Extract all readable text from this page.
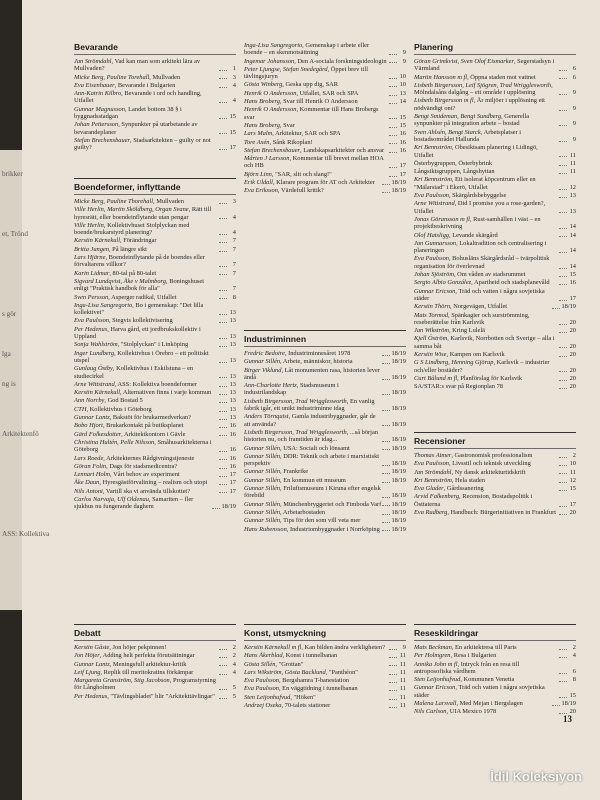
brikker
et, Trönd
s gör
lga
ng is
Arkitektenfö
ASS: Kollektiva
Bevarande
Jan Strömdahl, Vad kan man som arkitekt lära av Mullvaden?	1
Micke Berg, Pauline Torehall, Mullvaden	3
Eva Eisenhauer, Bevarande i Bulgarien	4
Ann-Katrin Kilbro, Bevarande i ord och handling, Utfallet	4
Gunnar Magnusson, Landet bottom 38 § i byggnadsstadgan	15
Johan Pettersson, Synpunkter på utarbetande av bevarandeplaner	15
Stefan Brechensbauer, Stadsarkitekten – guilty or not guilty?	17
Boendeformer, inflyttande
Micke Berg, Pauline Thorehall, Mullvaden	3
Ville Herlin, Martin Sköldberg, Organ Svane, Rätt till hyresrätt, eller boendeinflytande utan pengar	4
Ville Herlin, Kollektivhuset Stolplyckan med boende/brukarstyrd planering?	4
Kerstin Kärnekull, Förändringar	7
Britta Jungen, På längre sikt	7
Lars Hjärne, Boendeinflytande på de boendes eller förvaltarens villkor?	7
Karin Lidmar, 80-tal på 80-talet	7
Sigvard Lundqvist, Åke v Malmborg, Boningshuset enligt "Praktisk handbok för alla"	7
Sven Persson, Asperger radikal, Utfallet	8
Inga-Lisa Sangregorio, Bo i gemenskap: "Det lilla kollektivet"	13
Eva Paulsson, Stegvis kollektivisering	13
Per Hedenus, Harva gård, ett jordbrukskollektiv i Uppland	13
Sonja Wahlström, "Stolplyckan" i Linköping	13
Inger Lundberg, Kollektivhus i Örebro – ett politiskt utspel	13
Gunlaug Östby, Kollektivhus i Eskilstuna – en studiecirkel	13
Arne Wittstrand, ASS: Kollektiva boendeformer	13
Kerstin Kärnekull, Alternativen finns i varje kommun	13
Ann Norrby, God Bostad 5	13
CTH, Kollektivhus i Göteborg	13
Gunnar Lantz, Bakstöt för brukarmedverkan?	13
Bobo Hjort, Brukarkontakt på butiksplanet	16
Gärd Folkesdotter, Arkitektkontorn i Gävle	16
Christina Hultén, Pelle Nilsson, Småhusarkitekterna i Göteborg	16
Lars Roede, Arkitekternes Rådgivningstjeneste	16
Göran Folin, Dags för stadsmedicentra?	16
Lennart Holm, Vårt behov av experiment	17
Åke Daun, Hyresgästförvaltning – realism och utopi	17
Nils Antoni, Vartill ska vi använda tillskottet?	17
Carlos Narvaja, Ulf Oldenau, Samariten – fler sjukhus nu fungerande daghem	18/19
Debatt
Kerstin Gåste, Jon höjer pekpinnen!	2
Jon Höjer, Adding helt perfekta förutsättningar	2
Gunnar Lantz, Meningsfull arkitektur-kritik	4
Leif Ljung, Replik till meritokratins förkämpar	4
Margareta Granström, Stig Jacobson, Programstyrning för Långholmen	5
Per Hedenus, "Tävlingsbladet" blir "Arkitekttävlingar"	5
Inga-Lisa Sangregorio, Gemenskap i arbete eller boende – en skenmotsättning	9
Ingemar Johansson, Den A-sociala forskningsideologin	9
Peter Ljungse, Stefan Snedegård, Öppet brev till tävlingsjuryn	10
Gösta Winberg, Geska upp dig, SAR	10
Henrik O Andersson, Utfallet, SAR och SPA	13
Hans Broberg, Svar till Henrik O Andersson	14
Henrik O Andersson, Kommentar till Hans Brobergs svar	15
Hans Broberg, Svar	15
Lars Malm, Arkitektur, SAR och SPA	16
Tore Axén, Sånk Rikoplan!	16
Stefan Brechensbauer, Landskapsarkitekter och ansvar	16
Mårten J Larsson, Kommentar till brevet mellan HOA och HB	17
Björn Linn, "SAR, slit och slang!"	17
Erik Uldall, Klarare program för AT och Arkitekter	18/19
Eva Eriksson, Värdefull kritik?	18/19
Industriminnen
Fredric Bedoire, Industriminnesåret 1978	18/19
Gunnar Sillén, Arbete, människor, historia	18/19
Birger Viklund, Låt monumenten rasa, historien lever ändå	18/19
Ann-Charlotte Hertz, Stadsmuseum i industrilandskap	18/19
Lisbeth Birgersson, Trad Wrigglesworth, En vanlig fabrik igår, ett unikt industriminne idag	18/19
Anders Törnquist, Gamla industribyggnader, går de att använda?	18/19
Lisbeth Birgersson, Trad Wrigglesworth, ...så början historien nu, och framtiden är idag...	18/19
Gunnar Sillén, USA: Socialt och lönsamt	18/19
Gunnar Sillén, DDR: Teknik och arbete i marxistiskt perspektiv	18/19
Gunnar Sillén, Frankrike	18/19
Gunnar Sillén, En kommun ett museum	18/19
Gunnar Sillén, Friluftsmuseum i Kiruna efter engelsk förebild	18/19
Gunnar Sillén, Münchenbryggeriet och Fimboda Varf 18/19
Gunnar Sillén, Arbetarbostaden	18/19
Gunnar Sillén, Tips för den som vill veta mer	18/19
Hans Rubensson, Industriombyggnader i Norrköping 18/19
Konst, utsmyckning
Kerstin Kärnekull m fl, Kan bilden ändra verkligheten?	9
Hans Åkerblad, Konst i tunnelbanan	11
Gösta Sillén, "Grottan"	11
Lars Wikström, Gösta Backlund, "Panthéon"	11
Eva Paulsson, Bergshamra T-banestation	11
Eva Paulsson, En väggtidning i tunnelbanan	11
Sten Leijonhufvud, "Höken"	11
Andrzej Oseka, 70-talets stationer	11
Planering
Göran Grimkvist, Sven Olof Eismarker, Segerstadsyn i Värmland	6
Martin Hansson m fl, Öppna staden mot vattnet	6
Lisbeth Birgersson, Leif Sjögren, Trad Wrigglesworth, Mölndalsåns dalgång – ett område i upplösning	9
Lisbeth Birgersson m fl, Är miljöer i upplösning ett nödvändigt ont?	9
Bengt Smideman, Bengt Sundberg, Generella synpunkter på integration arbete – bostad	9
Sven Ahlsén, Bengt Starck, Arbetsplatser i bostadsområdet Hallunda	9
Kri Bennström, Obesiktsam planering i Lidingö, Utfallet	11
Österbygruppen, Österbybrink	11
Långsiktsgruppen, Långshyttan	11
Kri Bennström, Ett isolerat köpcentrum eller en "Mälarstad" i Ekerö, Utfallet	12
Eva Paulsson, Skärgårdsbebyggelse	13
Arne Wittstrand, Did I promise you a rose-garden?, Utfallet	13
Jonas Göransson m fl, Rust-samhällen i väst – en projektbeskrivning	14
Olof Hatsligg, Levande skärgård	14
Jan Gunnarsson, Lokaltradition och centralisering i planeringen	14
Eva Paulsson, Bohusläns Skärgårdsråd – tvärpolitisk organisation för överlevnad	14
Johan Sjöström, Om våden av stadsrummet	15
Sergio Albio González, Apartheid och stadsplanevåld	16
Gunnar Ericson, Träd och vatten i några sovjetiska städer	17
Kerstin Thörn, Norgevägen, Utfallet	18/19
Mats Tormod, Spänkagier och surströmming, reseberättelse från Karlsvik	20
Jan Wikström, Kring Lulelä	20
Kjell Öström, Karlsvik, Norrbotten och Sverige – alla i samma båt	20
Kerstin Wise, Kampen om Karlsvik	20
G S Lindberg, Henning Gjörup, Karlsvik – industrier och/eller bostäder?	20
Curt Bålund m fl, Planförslag för Karlsvik	20
SA/STAR:s svar på Regionplan 78	20
Recensioner
Thomas Atmer, Gastronomisk professionalism	2
Eva Paulsson, Livsstil och teknisk utveckling	10
Jan Strömdahl, Ny dansk arkitekturtidskrift	11
Kri Bennström, Hela staden	12
Eva Glader, Gårdssanering	15
Arvid Falkenberg, Recension, Bostadspolitik i Östtaterna	17
Eva Rudberg, Handbuch: Bürgerinitiativen in Frankfurt	20
Reseskildringar
Mats Beckman, En arkitektresa till Paris	2
Per Holmgren, Resa i Bulgarien	4
Annika John m fl, Intryck från en resa till antroposofiska vårdhem	6
Sten Leijonhufvud, Kommunen Venetia	8
Gunnar Ericson, Träd och vatten i några sovjetiska städer	15
Malena Larsvall, Med Mejan i Bergslagen	18/19
Nils Carlson, UIA Mexico 1978	20
13
İdil Koleksiyon
